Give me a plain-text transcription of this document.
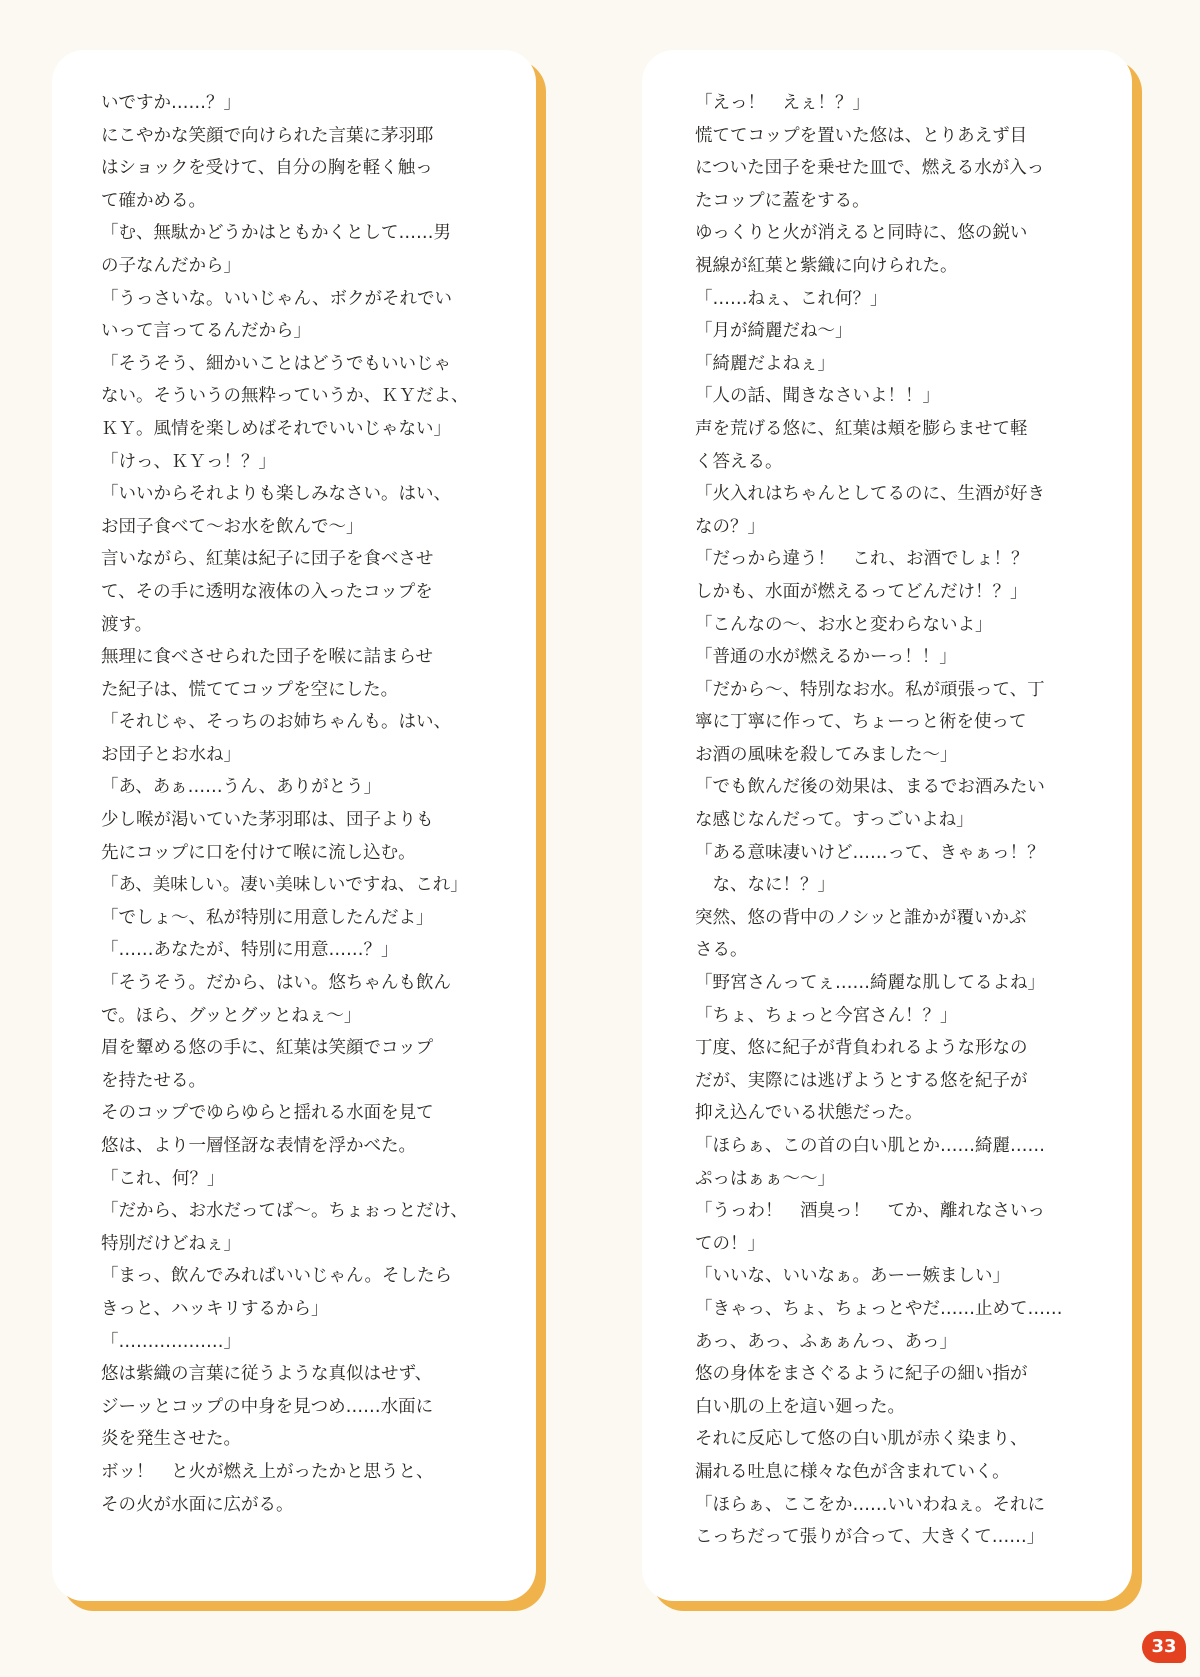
いですか……？」
にこやかな笑顔で向けられた言葉に茅羽耶
はショックを受けて、自分の胸を軽く触っ
て確かめる。
「む、無駄かどうかはともかくとして……男
の子なんだから」
「うっさいな。いいじゃん、ボクがそれでい
いって言ってるんだから」
「そうそう、細かいことはどうでもいいじゃ
ない。そういうの無粋っていうか、ＫＹだよ、
ＫＹ。風情を楽しめばそれでいいじゃない」
「けっ、ＫＹっ！？」
「いいからそれよりも楽しみなさい。はい、
お団子食べて〜お水を飲んで〜」
言いながら、紅葉は紀子に団子を食べさせ
て、その手に透明な液体の入ったコップを
渡す。
無理に食べさせられた団子を喉に詰まらせ
た紀子は、慌ててコップを空にした。
「それじゃ、そっちのお姉ちゃんも。はい、
お団子とお水ね」
「あ、あぁ……うん、ありがとう」
少し喉が渇いていた茅羽耶は、団子よりも
先にコップに口を付けて喉に流し込む。
「あ、美味しい。凄い美味しいですね、これ」
「でしょ〜、私が特別に用意したんだよ」
「……あなたが、特別に用意……？」
「そうそう。だから、はい。悠ちゃんも飲ん
で。ほら、グッとグッとねぇ〜」
眉を顰める悠の手に、紅葉は笑顔でコップ
を持たせる。
そのコップでゆらゆらと揺れる水面を見て
悠は、より一層怪訝な表情を浮かべた。
「これ、何？」
「だから、お水だってば〜。ちょぉっとだけ、
特別だけどねぇ」
「まっ、飲んでみればいいじゃん。そしたら
きっと、ハッキリするから」
「………………」
悠は紫織の言葉に従うような真似はせず、
ジーッとコップの中身を見つめ……水面に
炎を発生させた。
ボッ！　と火が燃え上がったかと思うと、
その火が水面に広がる。
「えっ！　えぇ！？」
慌ててコップを置いた悠は、とりあえず目
についた団子を乗せた皿で、燃える水が入っ
たコップに蓋をする。
ゆっくりと火が消えると同時に、悠の鋭い
視線が紅葉と紫織に向けられた。
「……ねぇ、これ何？」
「月が綺麗だね〜」
「綺麗だよねぇ」
「人の話、聞きなさいよ！！」
声を荒げる悠に、紅葉は頬を膨らませて軽
く答える。
「火入れはちゃんとしてるのに、生酒が好き
なの？」
「だっから違う！　これ、お酒でしょ！？
しかも、水面が燃えるってどんだけ！？」
「こんなの〜、お水と変わらないよ」
「普通の水が燃えるかーっ！！」
「だから〜、特別なお水。私が頑張って、丁
寧に丁寧に作って、ちょーっと術を使って
お酒の風味を殺してみました〜」
「でも飲んだ後の効果は、まるでお酒みたい
な感じなんだって。すっごいよね」
「ある意味凄いけど……って、きゃぁっ！？
　な、なに！？」
突然、悠の背中のノシッと誰かが覆いかぶ
さる。
「野宮さんってぇ……綺麗な肌してるよね」
「ちょ、ちょっと今宮さん！？」
丁度、悠に紀子が背負われるような形なの
だが、実際には逃げようとする悠を紀子が
抑え込んでいる状態だった。
「ほらぁ、この首の白い肌とか……綺麗……
ぷっはぁぁ〜〜」
「うっわ！　酒臭っ！　てか、離れなさいっ
ての！」
「いいな、いいなぁ。あーー嫉ましい」
「きゃっ、ちょ、ちょっとやだ……止めて……
あっ、あっ、ふぁぁんっ、あっ」
悠の身体をまさぐるように紀子の細い指が
白い肌の上を這い廻った。
それに反応して悠の白い肌が赤く染まり、
漏れる吐息に様々な色が含まれていく。
「ほらぁ、ここをか……いいわねぇ。それに
こっちだって張りが合って、大きくて……」
33
